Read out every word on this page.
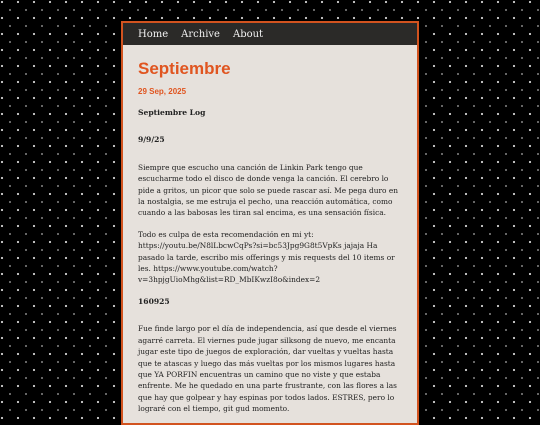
Home Archive About
Septiembre
29 Sep, 2025

Septiembre Log

9/9/25

Siempre que escucho una canción de Linkin Park tengo que escucharme todo el disco de donde venga la canción. El cerebro lo pide a gritos, un picor que solo se puede rascar así. Me pega duro en la nostalgia, se me estruja el pecho, una reacción automática, como cuando a las babosas les tiran sal encima, es una sensación física.

Todo es culpa de esta recomendación en mi yt: https://youtu.be/N8lLbcwCqPs?si=bc53Jpg9G8t5VpKs jajaja Ha pasado la tarde, escribo mis offerings y mis requests del 10 items or les. https://www.youtube.com/watch?v=3hpjgUioMhg&list=RD_MbIKwzI8o&index=2

160925

Fue finde largo por el día de independencia, así que desde el viernes agarré carreta. El viernes pude jugar silksong de nuevo, me encanta jugar este tipo de juegos de exploración, dar vueltas y vueltas hasta que te atascas y luego das más vueltas por los mismos lugares hasta que YA PORFIN encuentras un camino que no viste y que estaba enfrente. Me he quedado en una parte frustrante, con las flores a las que hay que golpear y hay espinas por todos lados. ESTRES, pero lo lograré con el tiempo, git gud momento.
